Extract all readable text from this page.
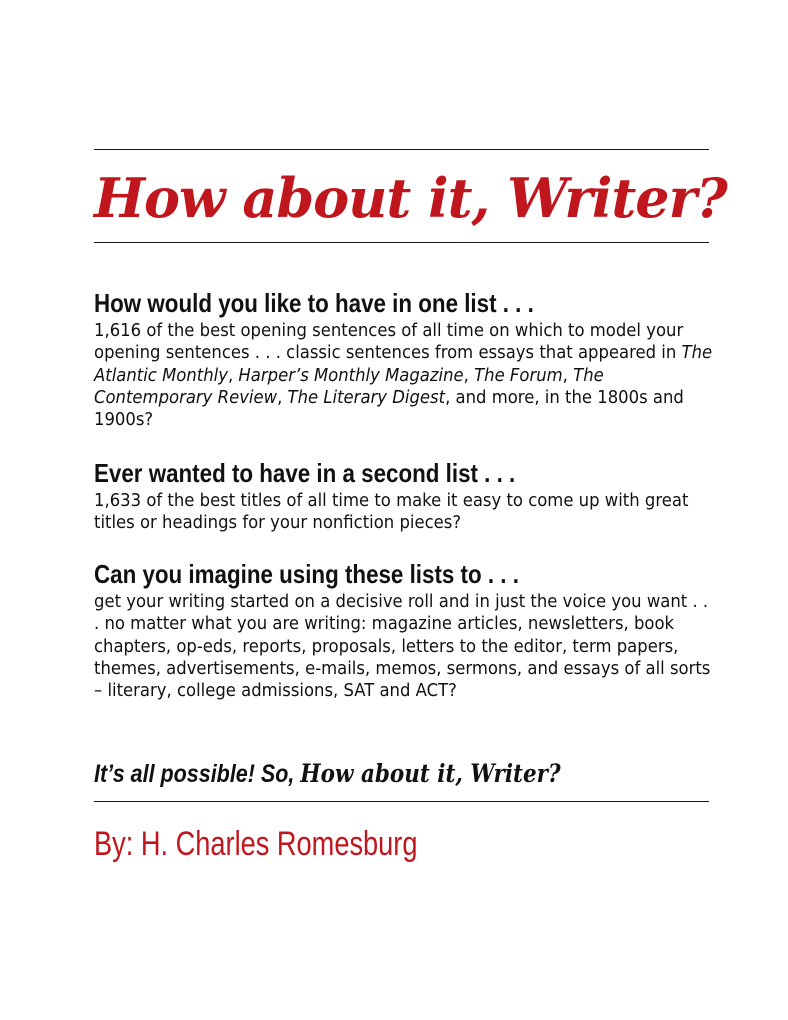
How about it, Writer?
How would you like to have in one list . . .

1,616 of the best opening sentences of all time on which to model your opening sentences . . . classic sentences from essays that appeared in The Atlantic Monthly, Harper’s Monthly Magazine, The Forum, The Contemporary Review, The Literary Digest, and more, in the 1800s and 1900s?

Ever wanted to have in a second list . . .

1,633 of the best titles of all time to make it easy to come up with great titles or headings for your nonfiction pieces?

Can you imagine using these lists to . . .

get your writing started on a decisive roll and in just the voice you want . . . no matter what you are writing: magazine articles, newsletters, book chapters, op-eds, reports, proposals, letters to the editor, term papers, themes, advertisements, e-mails, memos, sermons, and essays of all sorts – literary, college admissions, SAT and ACT?

It’s all possible! So, How about it, Writer?

By: H. Charles Romesburg
